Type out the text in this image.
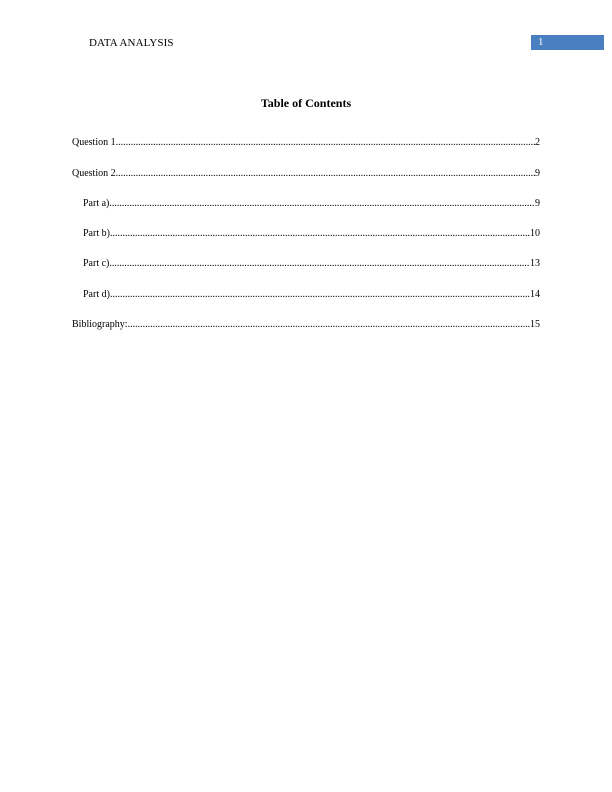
DATA ANALYSIS	1
Table of Contents
Question 1 .....	2
Question 2 .....	9
Part a) .....	9
Part b) .....	10
Part c) .....	13
Part d) .....	14
Bibliography: .....	15
